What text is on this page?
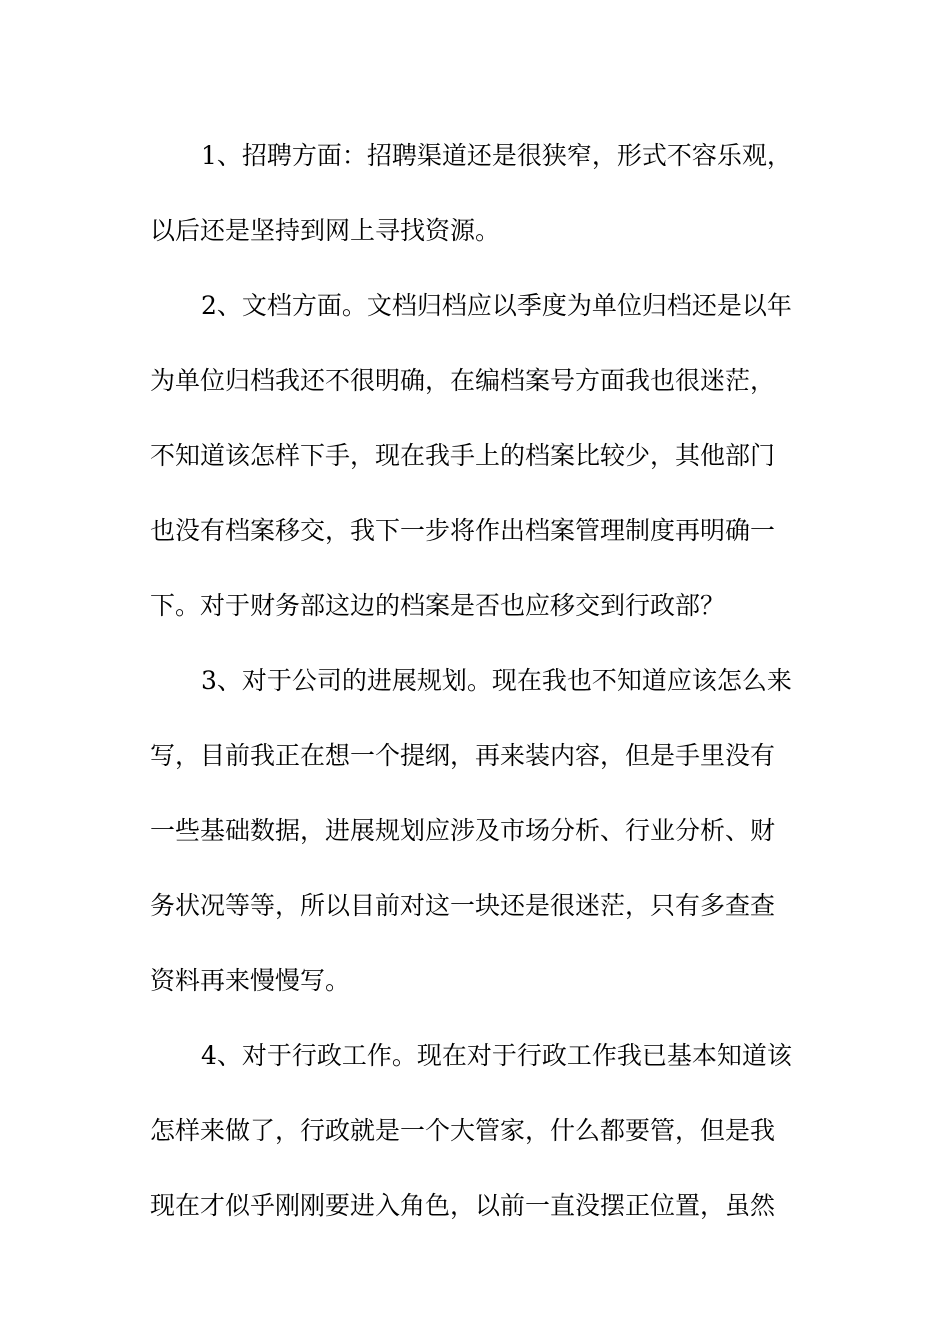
1、招聘方面：招聘渠道还是很狭窄，形式不容乐观，
以后还是坚持到网上寻找资源。
2、文档方面。文档归档应以季度为单位归档还是以年
为单位归档我还不很明确，在编档案号方面我也很迷茫，
不知道该怎样下手，现在我手上的档案比较少，其他部门
也没有档案移交，我下一步将作出档案管理制度再明确一
下。对于财务部这边的档案是否也应移交到行政部？
3、对于公司的进展规划。现在我也不知道应该怎么来
写，目前我正在想一个提纲，再来装内容，但是手里没有
一些基础数据，进展规划应涉及市场分析、行业分析、财
务状况等等，所以目前对这一块还是很迷茫，只有多查查
资料再来慢慢写。
4、对于行政工作。现在对于行政工作我已基本知道该
怎样来做了，行政就是一个大管家，什么都要管，但是我
现在才似乎刚刚要进入角色，以前一直没摆正位置，虽然
